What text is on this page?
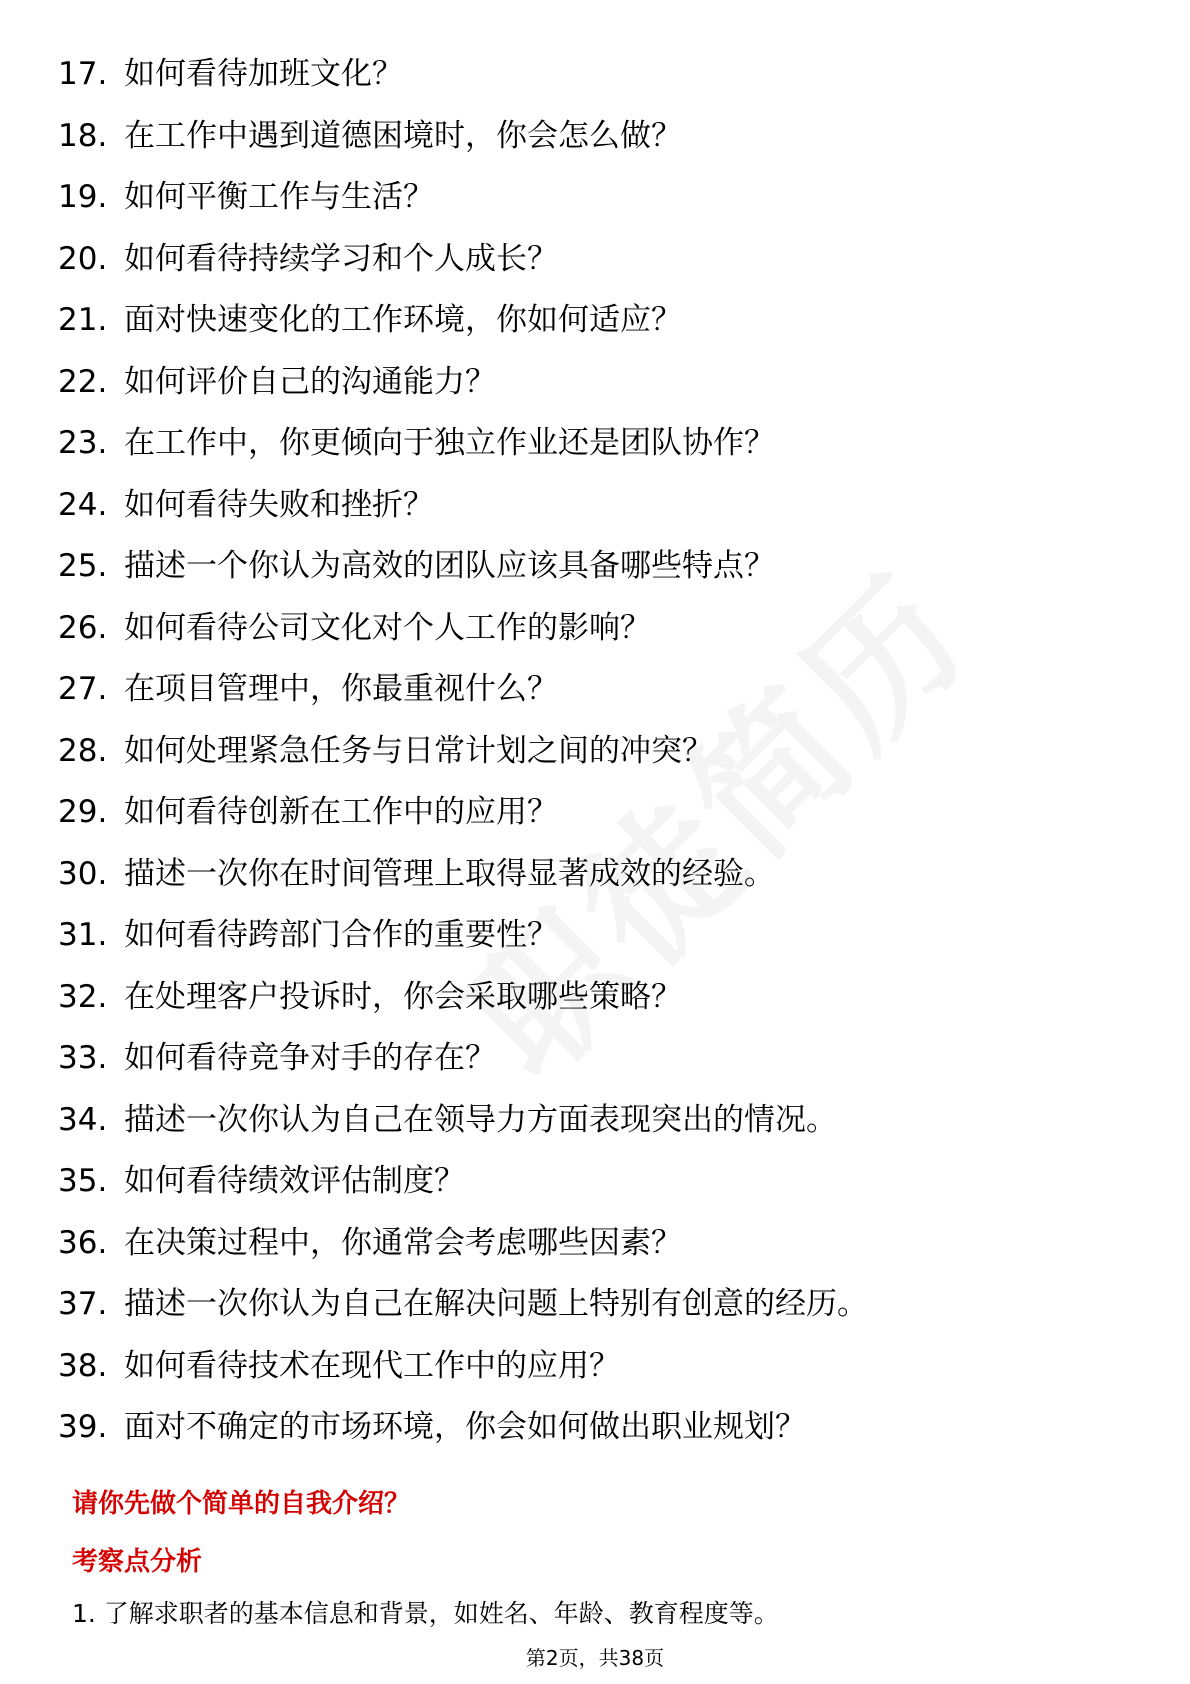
17. 如何看待加班文化？
18. 在工作中遇到道德困境时，你会怎么做？
19. 如何平衡工作与生活？
20. 如何看待持续学习和个人成长？
21. 面对快速变化的工作环境，你如何适应？
22. 如何评价自己的沟通能力？
23. 在工作中，你更倾向于独立作业还是团队协作？
24. 如何看待失败和挫折？
25. 描述一个你认为高效的团队应该具备哪些特点？
26. 如何看待公司文化对个人工作的影响？
27. 在项目管理中，你最重视什么？
28. 如何处理紧急任务与日常计划之间的冲突？
29. 如何看待创新在工作中的应用？
30. 描述一次你在时间管理上取得显著成效的经验。
31. 如何看待跨部门合作的重要性？
32. 在处理客户投诉时，你会采取哪些策略？
33. 如何看待竞争对手的存在？
34. 描述一次你认为自己在领导力方面表现突出的情况。
35. 如何看待绩效评估制度？
36. 在决策过程中，你通常会考虑哪些因素？
37. 描述一次你认为自己在解决问题上特别有创意的经历。
38. 如何看待技术在现代工作中的应用？
39. 面对不确定的市场环境，你会如何做出职业规划？
请你先做个简单的自我介绍？
考察点分析
1. 了解求职者的基本信息和背景，如姓名、年龄、教育程度等。
第2页，共38页
